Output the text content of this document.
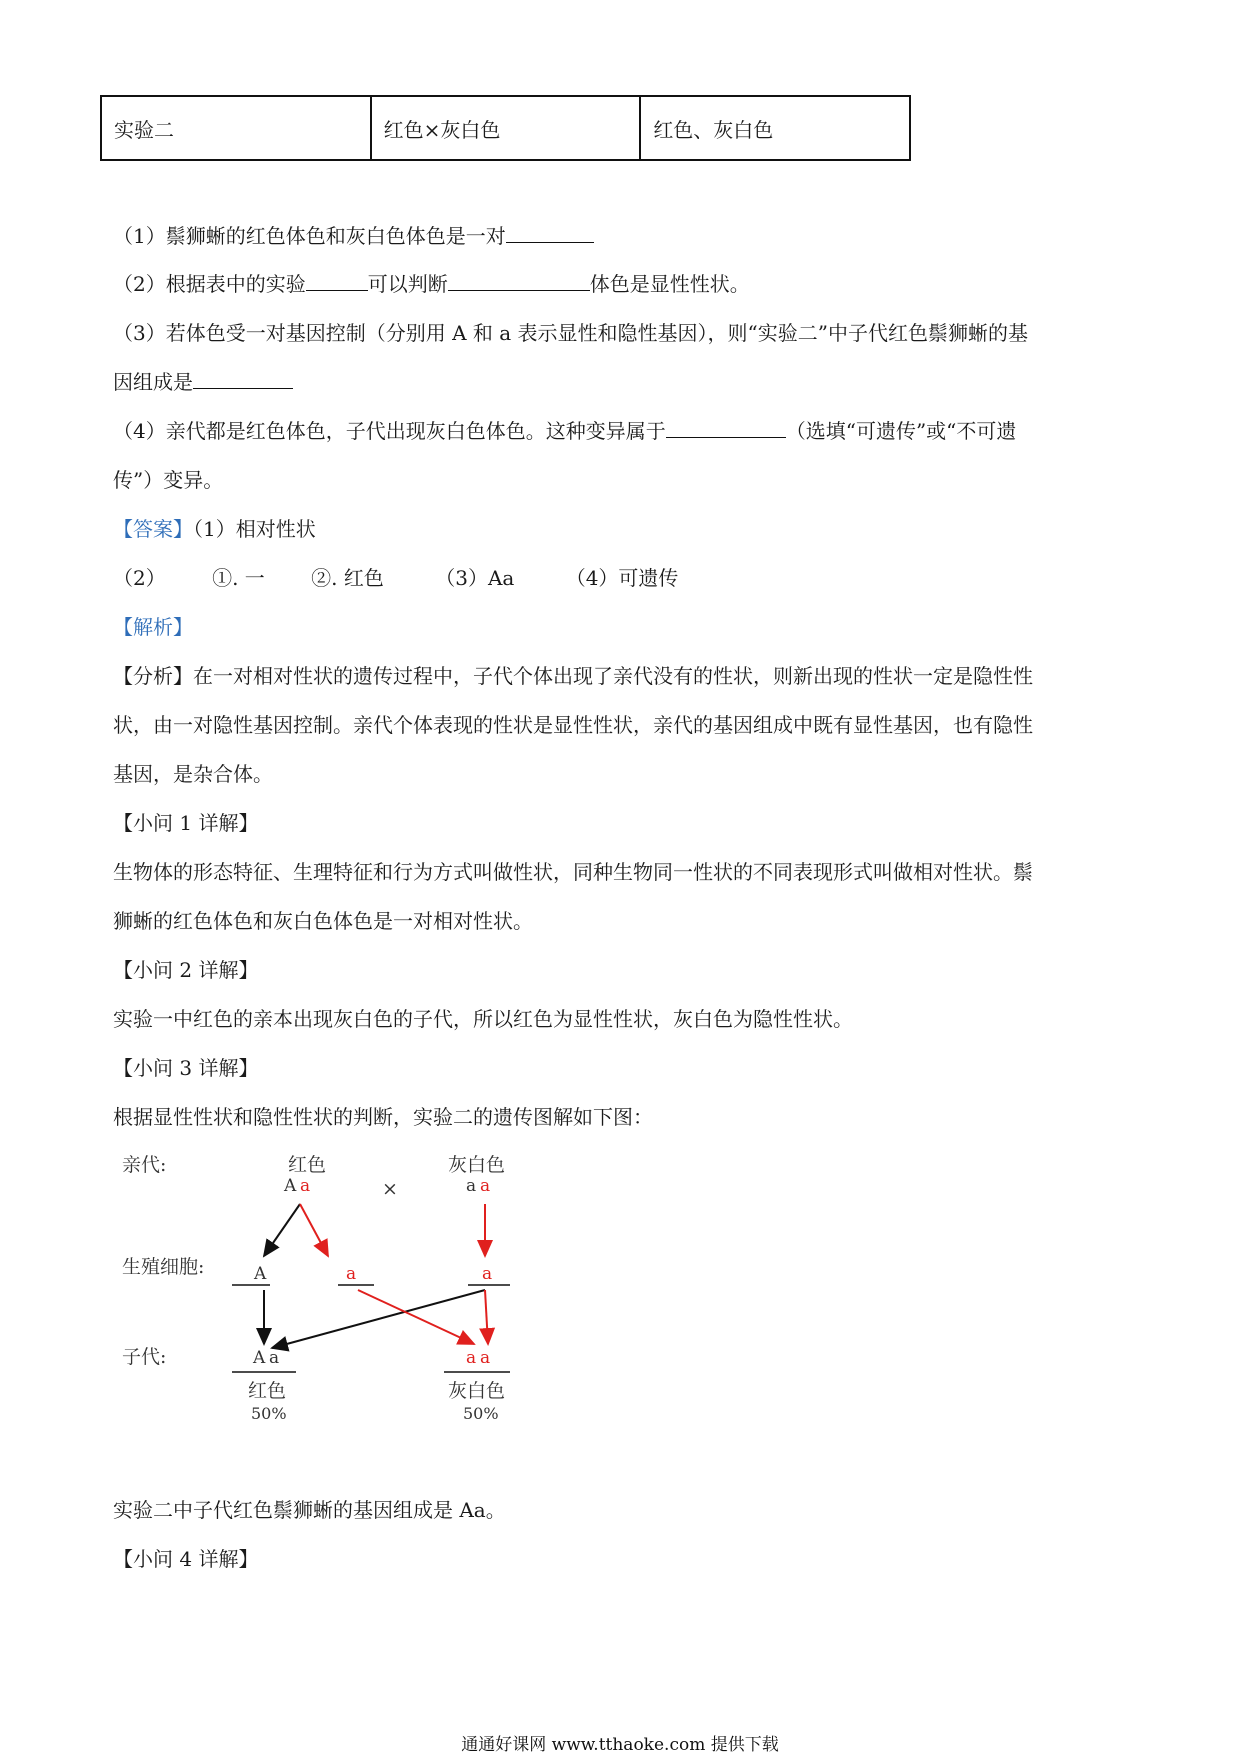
实验二	红色×灰白色	红色、灰白色
（1）鬃狮蜥的红色体色和灰白色体色是一对
（2）根据表中的实验	可以判断	体色是显性性状。
（3）若体色受一对基因控制（分别用 A 和 a 表示显性和隐性基因），则“实验二”中子代红色鬃狮蜥的基
因组成是
（4）亲代都是红色体色，子代出现灰白色体色。这种变异属于	（选填“可遗传”或“不可遗
传”）变异。
【答案】（1）相对性状
（2） ①. 一 ②. 红色	（3）Aa	（4）可遗传
【解析】
【分析】在一对相对性状的遗传过程中，子代个体出现了亲代没有的性状，则新出现的性状一定是隐性性
状，由一对隐性基因控制。亲代个体表现的性状是显性性状，亲代的基因组成中既有显性基因，也有隐性
基因，是杂合体。
【小问 1 详解】
生物体的形态特征、生理特征和行为方式叫做性状，同种生物同一性状的不同表现形式叫做相对性状。鬃
狮蜥的红色体色和灰白色体色是一对相对性状。
【小问 2 详解】
实验一中红色的亲本出现灰白色的子代，所以红色为显性性状，灰白色为隐性性状。
【小问 3 详解】
根据显性性状和隐性性状的判断，实验二的遗传图解如下图：
亲代:
生殖细胞:
子代:
红色
A a	×
灰白色
a a
A	a	a
A a
红色
50%
a a
灰白色
50%
实验二中子代红色鬃狮蜥的基因组成是 Aa。
【小问 4 详解】
通通好课网 www.tthaoke.com 提供下载
